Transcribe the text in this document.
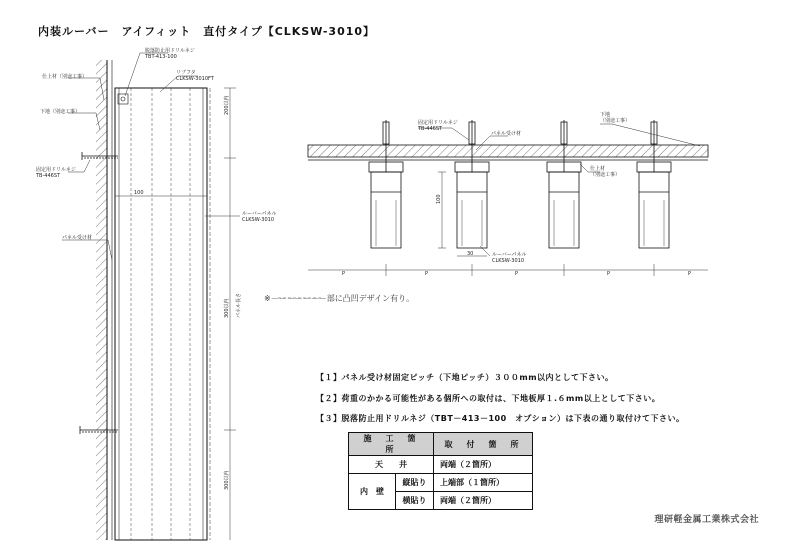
内装ルーバー　アイフィット　直付タイプ【CLKSW-3010】
脱落防止用ドリルネジ
TBT-413-100
リブフタ
CLKSW-3010FT
仕上材（別途工事）
下地（別途工事）
固定用ドリルネジ
TB-446ST
パネル受け材
ルーバーパネル
CLKSW-3010
100
200以内
300以内 パネル長さ
300以内
固定用ドリルネジ
TB-446ST
パネル受け材
下地
（別途工事）
仕上材
（別途工事）
ルーバーパネル
CLKSW-3010
100
30
P	P	P	P	P
※－－－－－－－部に凸凹デザイン有り。
【１】パネル受け材固定ピッチ（下地ピッチ）３００mm以内として下さい。
【２】荷重のかかる可能性がある個所への取付は、下地板厚１.６mm以上として下さい。
【３】脱落防止用ドリルネジ（TBT－413－100　オプション）は下表の通り取付けて下さい。
施　工　箇　所		取　付　箇　所
天　　井		両端（２箇所）
内　壁	縦貼り	上端部（１箇所）
	横貼り	両端（２箇所）
理研軽金属工業株式会社
